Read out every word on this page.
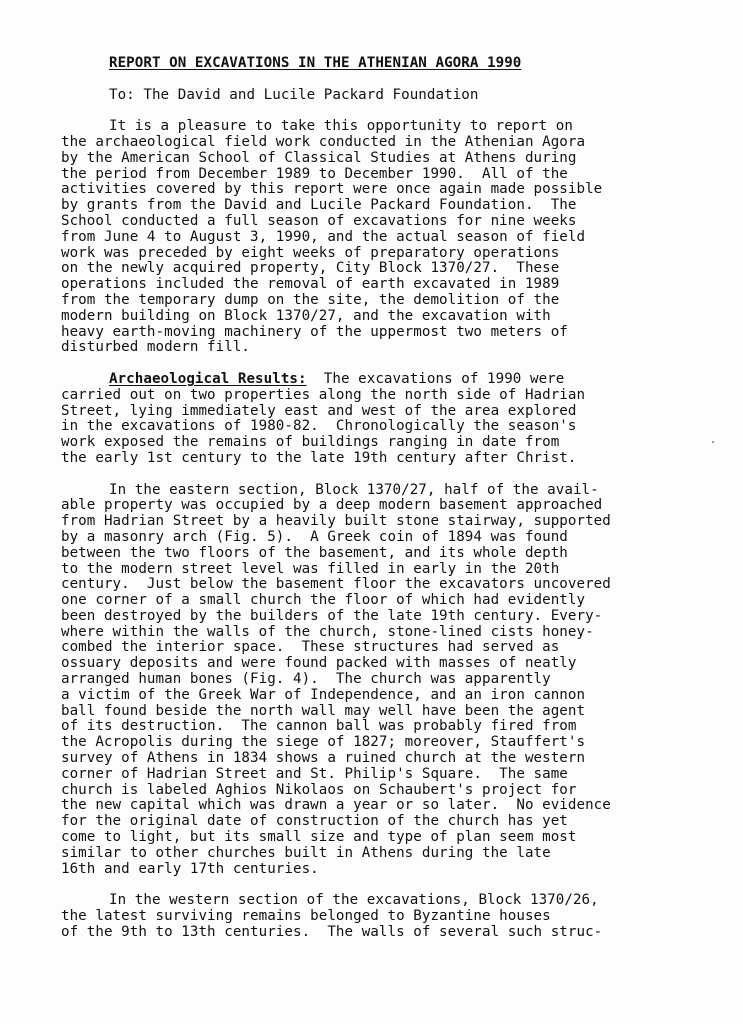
REPORT ON EXCAVATIONS IN THE ATHENIAN AGORA 1990
To: The David and Lucile Packard Foundation
It is a pleasure to take this opportunity to report on
the archaeological field work conducted in the Athenian Agora
by the American School of Classical Studies at Athens during
the period from December 1989 to December 1990.  All of the
activities covered by this report were once again made possible
by grants from the David and Lucile Packard Foundation.  The
School conducted a full season of excavations for nine weeks
from June 4 to August 3, 1990, and the actual season of field
work was preceded by eight weeks of preparatory operations
on the newly acquired property, City Block 1370/27.  These
operations included the removal of earth excavated in 1989
from the temporary dump on the site, the demolition of the
modern building on Block 1370/27, and the excavation with
heavy earth-moving machinery of the uppermost two meters of
disturbed modern fill.
Archaeological Results:  The excavations of 1990 were
carried out on two properties along the north side of Hadrian
Street, lying immediately east and west of the area explored
in the excavations of 1980-82.  Chronologically the season's
work exposed the remains of buildings ranging in date from
the early 1st century to the late 19th century after Christ.
In the eastern section, Block 1370/27, half of the avail-
able property was occupied by a deep modern basement approached
from Hadrian Street by a heavily built stone stairway, supported
by a masonry arch (Fig. 5).  A Greek coin of 1894 was found
between the two floors of the basement, and its whole depth
to the modern street level was filled in early in the 20th
century.  Just below the basement floor the excavators uncovered
one corner of a small church the floor of which had evidently
been destroyed by the builders of the late 19th century. Every-
where within the walls of the church, stone-lined cists honey-
combed the interior space.  These structures had served as
ossuary deposits and were found packed with masses of neatly
arranged human bones (Fig. 4).  The church was apparently
a victim of the Greek War of Independence, and an iron cannon
ball found beside the north wall may well have been the agent
of its destruction.  The cannon ball was probably fired from
the Acropolis during the siege of 1827; moreover, Stauffert's
survey of Athens in 1834 shows a ruined church at the western
corner of Hadrian Street and St. Philip's Square.  The same
church is labeled Aghios Nikolaos on Schaubert's project for
the new capital which was drawn a year or so later.  No evidence
for the original date of construction of the church has yet
come to light, but its small size and type of plan seem most
similar to other churches built in Athens during the late
16th and early 17th centuries.
In the western section of the excavations, Block 1370/26,
the latest surviving remains belonged to Byzantine houses
of the 9th to 13th centuries.  The walls of several such struc-
